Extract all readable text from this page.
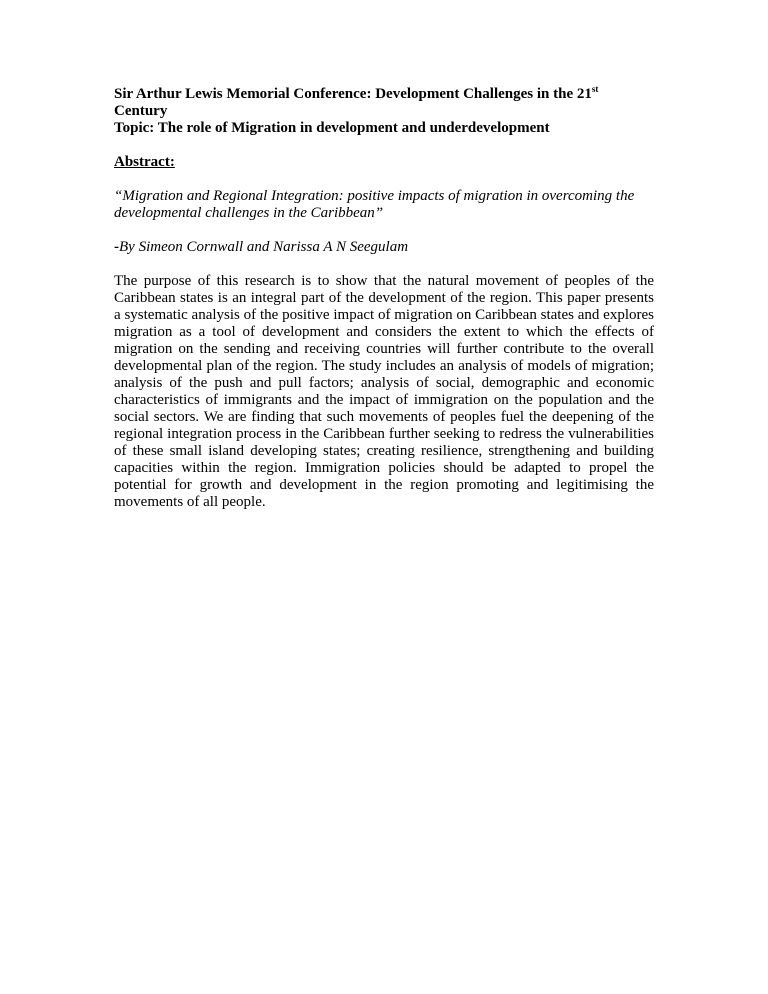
Sir Arthur Lewis Memorial Conference: Development Challenges in the 21st
Century
Topic: The role of Migration in development and underdevelopment

Abstract:

“Migration and Regional Integration: positive impacts of migration in overcoming the developmental challenges in the Caribbean”

-By Simeon Cornwall and Narissa A N Seegulam

The purpose of this research is to show that the natural movement of peoples of the Caribbean states is an integral part of the development of the region. This paper presents a systematic analysis of the positive impact of migration on Caribbean states and explores migration as a tool of development and considers the extent to which the effects of migration on the sending and receiving countries will further contribute to the overall developmental plan of the region. The study includes an analysis of models of migration; analysis of the push and pull factors; analysis of social, demographic and economic characteristics of immigrants and the impact of immigration on the population and the social sectors. We are finding that such movements of peoples fuel the deepening of the regional integration process in the Caribbean further seeking to redress the vulnerabilities of these small island developing states; creating resilience, strengthening and building capacities within the region. Immigration policies should be adapted to propel the potential for growth and development in the region promoting and legitimising the movements of all people.
